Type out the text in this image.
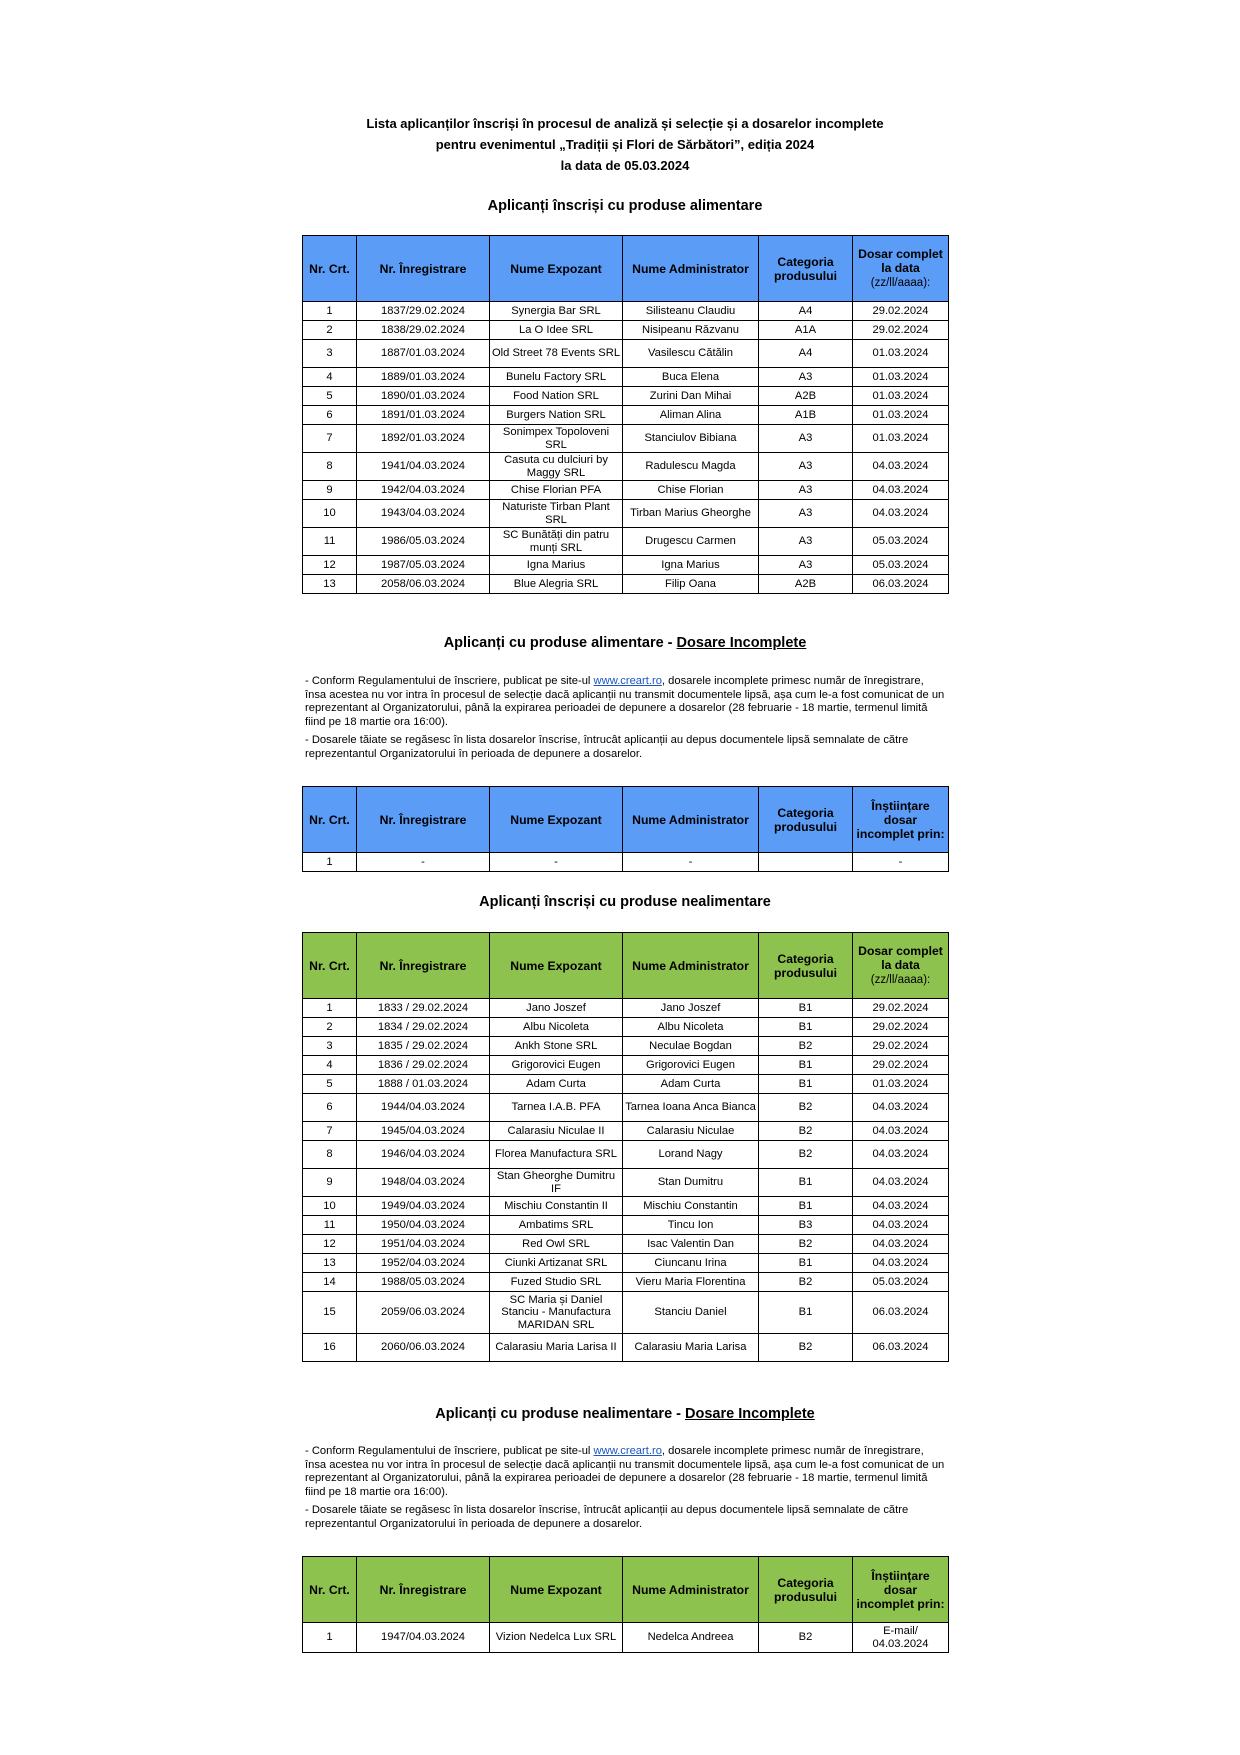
Lista aplicanților înscriși în procesul de analiză și selecție și a dosarelor incomplete
pentru evenimentul „Tradiții și Flori de Sărbători”, ediția 2024
la data de 05.03.2024
Aplicanți înscriși cu produse alimentare
Nr. Crt.	Nr. Înregistrare	Nume Expozant	Nume Administrator	Categoria produsului	Dosar complet la data
(zz/ll/aaaa):
1	1837/29.02.2024	Synergia Bar SRL	Silisteanu Claudiu	A4	29.02.2024
2	1838/29.02.2024	La O Idee SRL	Nisipeanu Răzvanu	A1A	29.02.2024
3	1887/01.03.2024	Old Street 78 Events SRL	Vasilescu Cătălin	A4	01.03.2024
4	1889/01.03.2024	Bunelu Factory SRL	Buca Elena	A3	01.03.2024
5	1890/01.03.2024	Food Nation SRL	Zurini Dan Mihai	A2B	01.03.2024
6	1891/01.03.2024	Burgers Nation SRL	Aliman Alina	A1B	01.03.2024
7	1892/01.03.2024	Sonimpex Topoloveni SRL	Stanciulov Bibiana	A3	01.03.2024
8	1941/04.03.2024	Casuta cu dulciuri by Maggy SRL	Radulescu Magda	A3	04.03.2024
9	1942/04.03.2024	Chise Florian PFA	Chise Florian	A3	04.03.2024
10	1943/04.03.2024	Naturiste Tirban Plant SRL	Tirban Marius Gheorghe	A3	04.03.2024
11	1986/05.03.2024	SC Bunătăți din patru munți SRL	Drugescu Carmen	A3	05.03.2024
12	1987/05.03.2024	Igna Marius	Igna Marius	A3	05.03.2024
13	2058/06.03.2024	Blue Alegria SRL	Filip Oana	A2B	06.03.2024
Aplicanți cu produse alimentare - Dosare Incomplete

- Conform Regulamentului de înscriere, publicat pe site-ul www.creart.ro, dosarele incomplete primesc număr de înregistrare, însa acestea nu vor intra în procesul de selecție dacă aplicanții nu transmit documentele lipsă, așa cum le-a fost comunicat de un reprezentant al Organizatorului, până la expirarea perioadei de depunere a dosarelor (28 februarie - 18 martie, termenul limită fiind pe 18 martie ora 16:00).

- Dosarele tăiate se regăsesc în lista dosarelor înscrise, întrucât aplicanții au depus documentele lipsă semnalate de către reprezentantul Organizatorului în perioada de depunere a dosarelor.

Nr. Crt.	Nr. Înregistrare	Nume Expozant	Nume Administrator	Categoria produsului	Înștiințare dosar incomplet prin:
1	-	-	-		-
Aplicanți înscriși cu produse nealimentare
Nr. Crt.	Nr. Înregistrare	Nume Expozant	Nume Administrator	Categoria produsului	Dosar complet la data
(zz/ll/aaaa):
1	1833 / 29.02.2024	Jano Joszef	Jano Joszef	B1	29.02.2024
2	1834 / 29.02.2024	Albu Nicoleta	Albu Nicoleta	B1	29.02.2024
3	1835 / 29.02.2024	Ankh Stone SRL	Neculae Bogdan	B2	29.02.2024
4	1836 / 29.02.2024	Grigorovici Eugen	Grigorovici Eugen	B1	29.02.2024
5	1888 / 01.03.2024	Adam Curta	Adam Curta	B1	01.03.2024
6	1944/04.03.2024	Tarnea I.A.B. PFA	Tarnea Ioana Anca Bianca	B2	04.03.2024
7	1945/04.03.2024	Calarasiu Niculae II	Calarasiu Niculae	B2	04.03.2024
8	1946/04.03.2024	Florea Manufactura SRL	Lorand Nagy	B2	04.03.2024
9	1948/04.03.2024	Stan Gheorghe Dumitru IF	Stan Dumitru	B1	04.03.2024
10	1949/04.03.2024	Mischiu Constantin II	Mischiu Constantin	B1	04.03.2024
11	1950/04.03.2024	Ambatims SRL	Tincu Ion	B3	04.03.2024
12	1951/04.03.2024	Red Owl SRL	Isac Valentin Dan	B2	04.03.2024
13	1952/04.03.2024	Ciunki Artizanat SRL	Ciuncanu Irina	B1	04.03.2024
14	1988/05.03.2024	Fuzed Studio SRL	Vieru Maria Florentina	B2	05.03.2024
15	2059/06.03.2024	SC Maria și Daniel Stanciu - Manufactura MARIDAN SRL	Stanciu Daniel	B1	06.03.2024
16	2060/06.03.2024	Calarasiu Maria Larisa II	Calarasiu Maria Larisa	B2	06.03.2024
Aplicanți cu produse nealimentare - Dosare Incomplete

- Conform Regulamentului de înscriere, publicat pe site-ul www.creart.ro, dosarele incomplete primesc număr de înregistrare, însa acestea nu vor intra în procesul de selecție dacă aplicanții nu transmit documentele lipsă, așa cum le-a fost comunicat de un reprezentant al Organizatorului, până la expirarea perioadei de depunere a dosarelor (28 februarie - 18 martie, termenul limită fiind pe 18 martie ora 16:00).

- Dosarele tăiate se regăsesc în lista dosarelor înscrise, întrucât aplicanții au depus documentele lipsă semnalate de către reprezentantul Organizatorului în perioada de depunere a dosarelor.

Nr. Crt.	Nr. Înregistrare	Nume Expozant	Nume Administrator	Categoria produsului	Înștiințare dosar incomplet prin:
1	1947/04.03.2024	Vizion Nedelca Lux SRL	Nedelca Andreea	B2	E-mail/ 04.03.2024
